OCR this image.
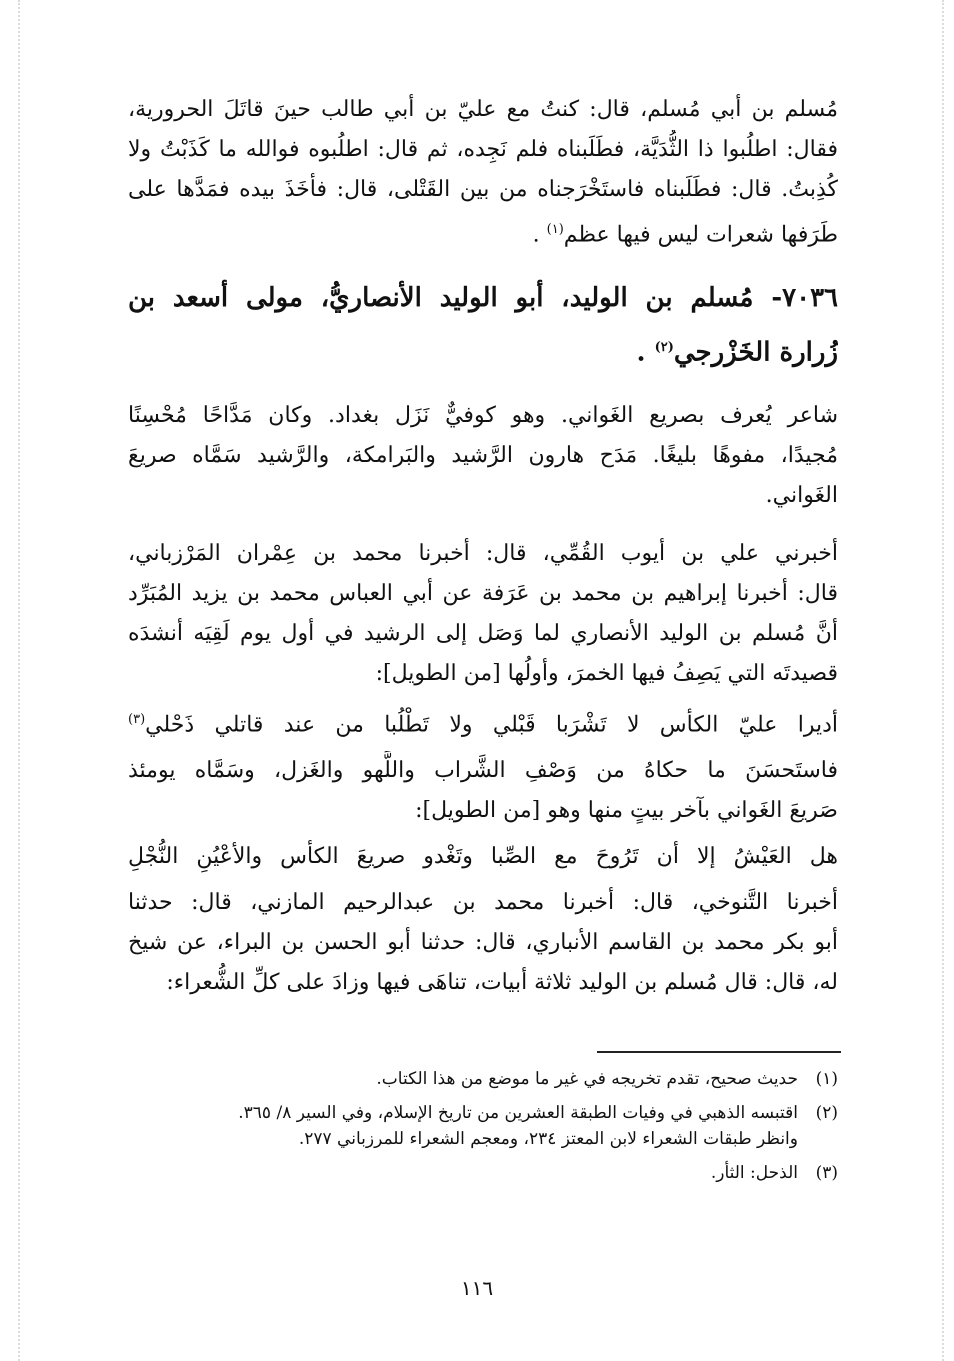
مُسلم بن أبي مُسلم، قال: كنتُ مع عليّ بن أبي طالب حينَ قاتَلَ الحرورية،
فقال: اطلُبوا ذا الثُّدَيَّة، فطَلَبناه فلم نَجِده، ثم قال: اطلُبوه فوالله ما كَذَبْتُ ولا
كُذِبتُ. قال: فطَلَبناه فاستَخْرَجناه من بين القَتْلى، قال: فأخَذَ بيده فمَدَّها على
طَرَفها شعرات ليس فيها عظم$^{(١)}$ .
٧٠٣٦- مُسلم بن الوليد، أبو الوليد الأنصاريُّ، مولى أسعد بن
زُرارة الخَزْرجي$^{(٢)}$ .
شاعر يُعرف بصريع الغَواني. وهو كوفيٌّ نَزَل بغداد. وكان مَدَّاحًا مُحْسِنًا
مُجيدًا، مفوهًا بليغًا. مَدَح هارون الرَّشيد والبَرامكة، والرَّشيد سَمَّاه صريعَ
الغَواني.
أخبرني علي بن أيوب القُمِّي، قال: أخبرنا محمد بن عِمْران المَرْزباني،
قال: أخبرنا إبراهيم بن محمد بن عَرَفة عن أبي العباس محمد بن يزيد المُبَرِّد
أنَّ مُسلم بن الوليد الأنصاري لما وَصَل إلى الرشيد في أول يوم لَقِيَه أنشدَه
قصيدتَه التي يَصِفُ فيها الخمرَ، وأولُها [من الطويل]:
أديرا عليّ الكأس لا تَشْرَبا قَبْلي ولا تَطْلُبا من عند قاتلي ذَحْلي$^{(٣)}$
فاستَحسَنَ ما حكاهُ من وَصْفِ الشَّراب واللَّهو والغَزل، وسَمَّاه يومئذ
صَريعَ الغَواني بآخر بيتٍ منها وهو [من الطويل]:
هل العَيْشُ إلا أن تَرُوحَ مع الصِّبا وتَغْدو صريعَ الكأس والأعْيُنِ النُّجْلِ
أخبرنا التَّنوخي، قال: أخبرنا محمد بن عبدالرحيم المازني، قال: حدثنا
أبو بكر محمد بن القاسم الأنباري، قال: حدثنا أبو الحسن بن البراء، عن شيخ
له، قال: قال مُسلم بن الوليد ثلاثة أبيات، تناهَى فيها وزادَ على كلِّ الشُّعراء:
(١)حديث صحيح، تقدم تخريجه في غير ما موضع من هذا الكتاب.
(٢)اقتبسه الذهبي في وفيات الطبقة العشرين من تاريخ الإسلام، وفي السير ٨/ ٣٦٥.
وانظر طبقات الشعراء لابن المعتز ٢٣٤، ومعجم الشعراء للمرزباني ٢٧٧.
(٣)الذحل: الثأر.
١١٦
